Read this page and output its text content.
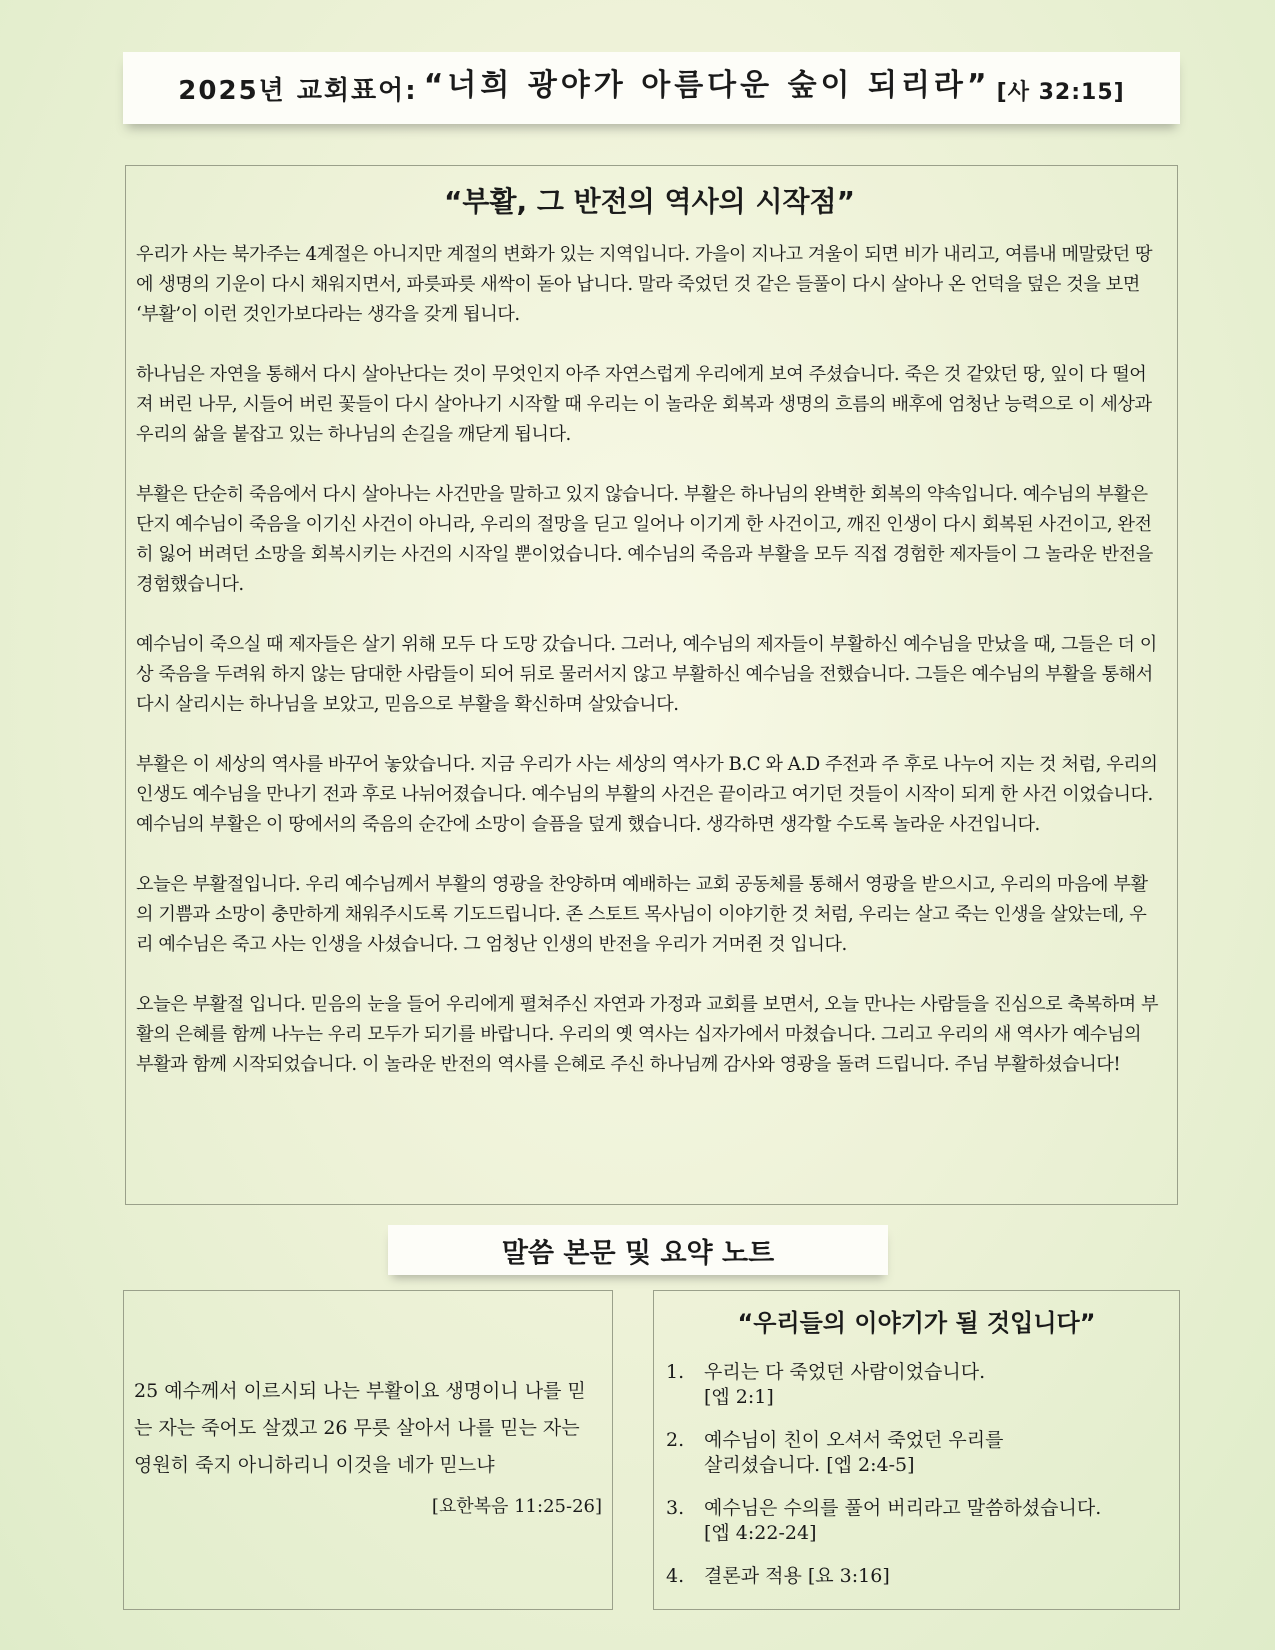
2025년 교회표어: “너희 광야가 아름다운 숲이 되리라” [사 32:15]
“부활, 그 반전의 역사의 시작점”

우리가 사는 북가주는 4계절은 아니지만 계절의 변화가 있는 지역입니다. 가을이 지나고 겨울이 되면 비가 내리고, 여름내 메말랐던 땅에 생명의 기운이 다시 채워지면서, 파릇파릇 새싹이 돋아 납니다. 말라 죽었던 것 같은 들풀이 다시 살아나 온 언덕을 덮은 것을 보면 ‘부활’이 이런 것인가보다라는 생각을 갖게 됩니다.

하나님은 자연을 통해서 다시 살아난다는 것이 무엇인지 아주 자연스럽게 우리에게 보여 주셨습니다. 죽은 것 같았던 땅, 잎이 다 떨어져 버린 나무, 시들어 버린 꽃들이 다시 살아나기 시작할 때 우리는 이 놀라운 회복과 생명의 흐름의 배후에 엄청난 능력으로 이 세상과 우리의 삶을 붙잡고 있는 하나님의 손길을 깨닫게 됩니다.

부활은 단순히 죽음에서 다시 살아나는 사건만을 말하고 있지 않습니다. 부활은 하나님의 완벽한 회복의 약속입니다. 예수님의 부활은 단지 예수님이 죽음을 이기신 사건이 아니라, 우리의 절망을 딛고 일어나 이기게 한 사건이고, 깨진 인생이 다시 회복된 사건이고, 완전히 잃어 버려던 소망을 회복시키는 사건의 시작일 뿐이었습니다. 예수님의 죽음과 부활을 모두 직접 경험한 제자들이 그 놀라운 반전을 경험했습니다.

예수님이 죽으실 때 제자들은 살기 위해 모두 다 도망 갔습니다. 그러나, 예수님의 제자들이 부활하신 예수님을 만났을 때, 그들은 더 이상 죽음을 두려워 하지 않는 담대한 사람들이 되어 뒤로 물러서지 않고 부활하신 예수님을 전했습니다. 그들은 예수님의 부활을 통해서 다시 살리시는 하나님을 보았고, 믿음으로 부활을 확신하며 살았습니다.

부활은 이 세상의 역사를 바꾸어 놓았습니다. 지금 우리가 사는 세상의 역사가 B.C 와 A.D 주전과 주 후로 나누어 지는 것 처럼, 우리의 인생도 예수님을 만나기 전과 후로 나뉘어졌습니다. 예수님의 부활의 사건은 끝이라고 여기던 것들이 시작이 되게 한 사건 이었습니다. 예수님의 부활은 이 땅에서의 죽음의 순간에 소망이 슬픔을 덮게 했습니다. 생각하면 생각할 수도록 놀라운 사건입니다.

오늘은 부활절입니다. 우리 예수님께서 부활의 영광을 찬양하며 예배하는 교회 공동체를 통해서 영광을 받으시고, 우리의 마음에 부활의 기쁨과 소망이 충만하게 채워주시도록 기도드립니다. 존 스토트 목사님이 이야기한 것 처럼, 우리는 살고 죽는 인생을 살았는데, 우리 예수님은 죽고 사는 인생을 사셨습니다. 그 엄청난 인생의 반전을 우리가 거머쥔 것 입니다.

오늘은 부활절 입니다. 믿음의 눈을 들어 우리에게 펼쳐주신 자연과 가정과 교회를 보면서, 오늘 만나는 사람들을 진심으로 축복하며 부활의 은혜를 함께 나누는 우리 모두가 되기를 바랍니다. 우리의 옛 역사는 십자가에서 마쳤습니다. 그리고 우리의 새 역사가 예수님의 부활과 함께 시작되었습니다. 이 놀라운 반전의 역사를 은혜로 주신 하나님께 감사와 영광을 돌려 드립니다. 주님 부활하셨습니다!

말씀 본문 및 요약 노트

25 예수께서 이르시되 나는 부활이요 생명이니 나를 믿는 자는 죽어도 살겠고 26 무릇 살아서 나를 믿는 자는 영원히 죽지 아니하리니 이것을 네가 믿느냐

[요한복음 11:25-26]
“우리들의 이야기가 될 것입니다”
1.	우리는 다 죽었던 사람이었습니다.
[엡 2:1]
2.	예수님이 친이 오셔서 죽었던 우리를
살리셨습니다. [엡 2:4-5]
3.	예수님은 수의를 풀어 버리라고 말씀하셨습니다.
[엡 4:22-24]
4.	결론과 적용 [요 3:16]
